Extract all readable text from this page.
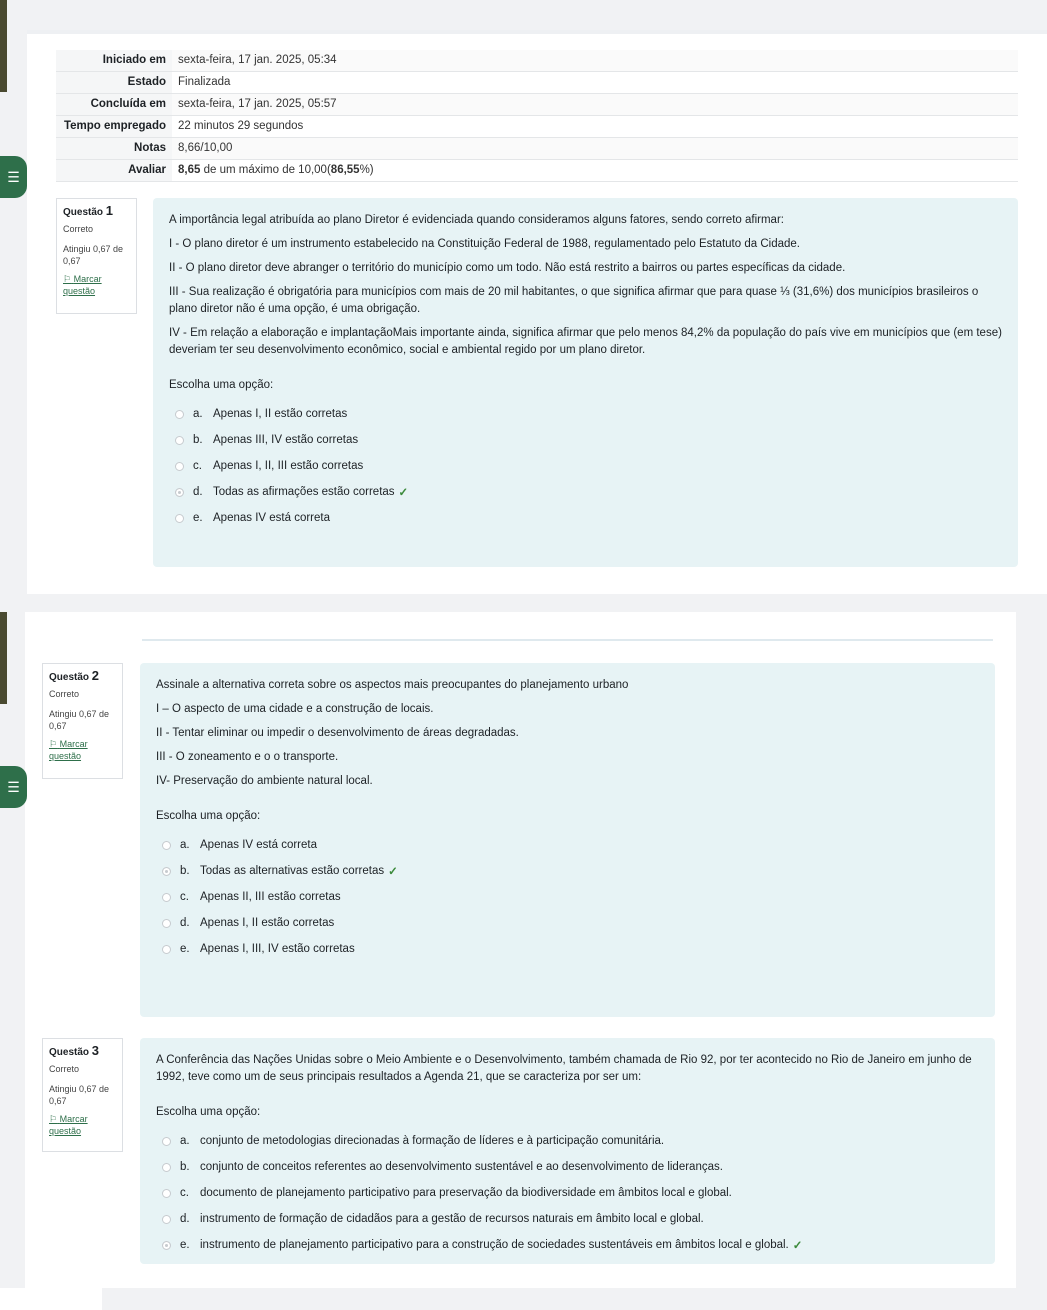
☰
☰
Iniciado em	sexta-feira, 17 jan. 2025, 05:34
Estado	Finalizada
Concluída em	sexta-feira, 17 jan. 2025, 05:57
Tempo empregado	22 minutos 29 segundos
Notas	8,66/10,00
Avaliar	8,65 de um máximo de 10,00(86,55%)
Questão 1
Correto
Atingiu 0,67 de 0,67
⚐ Marcar questão

A importância legal atribuída ao plano Diretor é evidenciada quando consideramos alguns fatores, sendo correto afirmar:

I - O plano diretor é um instrumento estabelecido na Constituição Federal de 1988, regulamentado pelo Estatuto da Cidade.

II - O plano diretor deve abranger o território do município como um todo. Não está restrito a bairros ou partes específicas da cidade.

III - Sua realização é obrigatória para municípios com mais de 20 mil habitantes, o que significa afirmar que para quase ⅓ (31,6%) dos municípios brasileiros o plano diretor não é uma opção, é uma obrigação.

IV - Em relação a elaboração e implantaçãoMais importante ainda, significa afirmar que pelo menos 84,2% da população do país vive em municípios que (em tese) deveriam ter seu desenvolvimento econômico, social e ambiental regido por um plano diretor.

Escolha uma opção:

a. Apenas I, II estão corretas
b. Apenas III, IV estão corretas
c. Apenas I, II, III estão corretas
d. Todas as afirmações estão corretas ✓
e. Apenas IV está correta
Questão 2
Correto
Atingiu 0,67 de 0,67
⚐ Marcar questão

Assinale a alternativa correta sobre os aspectos mais preocupantes do planejamento urbano

I – O aspecto de uma cidade e a construção de locais.

II - Tentar eliminar ou impedir o desenvolvimento de áreas degradadas.

III - O zoneamento e o o transporte.

IV- Preservação do ambiente natural local.

Escolha uma opção:

a. Apenas IV está correta
b. Todas as alternativas estão corretas ✓
c. Apenas II, III estão corretas
d. Apenas I, II estão corretas
e. Apenas I, III, IV estão corretas
Questão 3
Correto
Atingiu 0,67 de 0,67
⚐ Marcar questão

A Conferência das Nações Unidas sobre o Meio Ambiente e o Desenvolvimento, também chamada de Rio 92, por ter acontecido no Rio de Janeiro em junho de 1992, teve como um de seus principais resultados a Agenda 21, que se caracteriza por ser um:

Escolha uma opção:

a. conjunto de metodologias direcionadas à formação de líderes e à participação comunitária.
b. conjunto de conceitos referentes ao desenvolvimento sustentável e ao desenvolvimento de lideranças.
c. documento de planejamento participativo para preservação da biodiversidade em âmbitos local e global.
d. instrumento de formação de cidadãos para a gestão de recursos naturais em âmbito local e global.
e. instrumento de planejamento participativo para a construção de sociedades sustentáveis em âmbitos local e global. ✓
